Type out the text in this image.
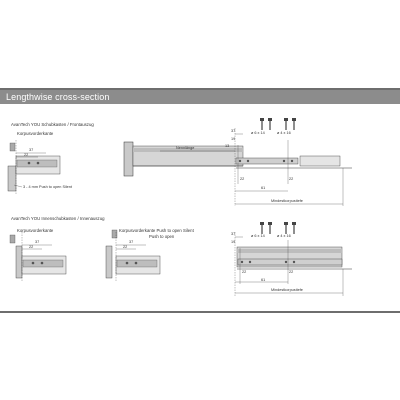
Lengthwise cross-section
AvanTech YOU Schubkasten / Frontauszug
Korpusvorderkante
37
22
3 - 4 mm Push to open Silent
37
19
13
ø 6 x 14	ø 4 x 16
Nennlänge
22	22
61
Mindestkorpustiefe
AvanTech YOU Innenschubkasten / Innenauszug
Korpusvorderkante
37
22
Korpusvorderkante Push to open Silent
Push to open
37
22
37
19
ø 6 x 14	ø 4 x 16
22	22
61
Mindestkorpustiefe
